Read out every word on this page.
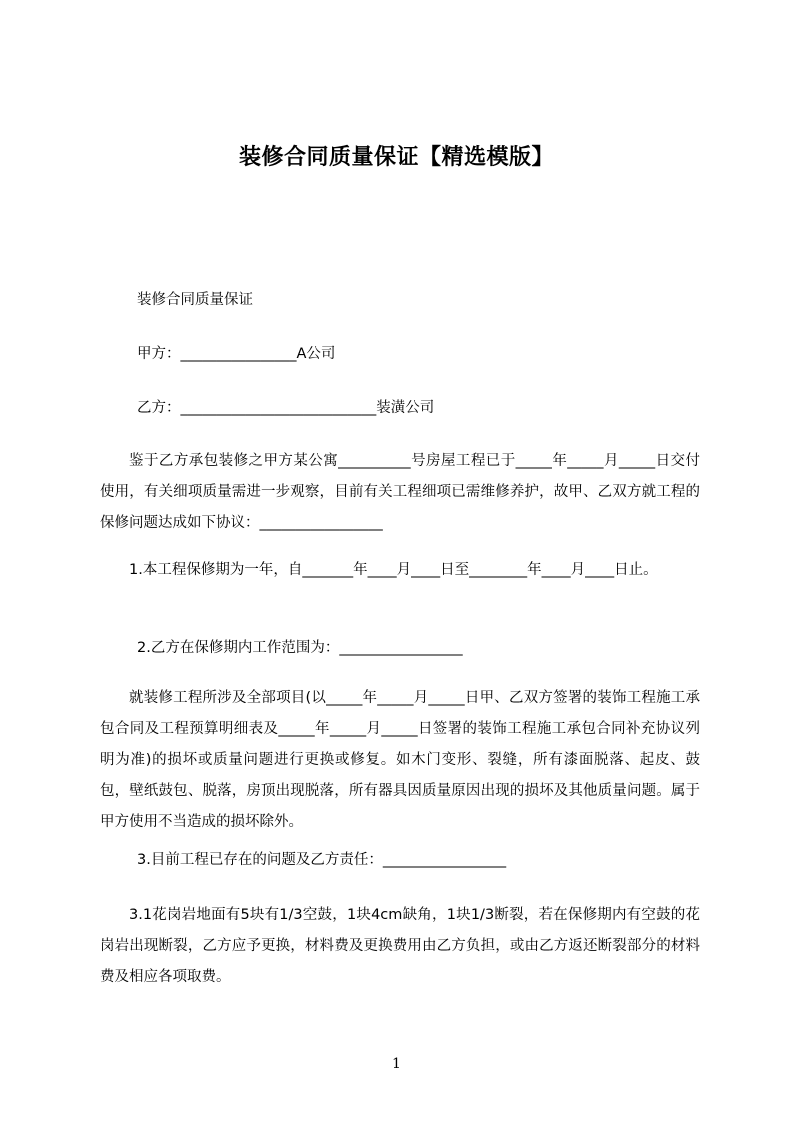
装修合同质量保证【精选模版】
装修合同质量保证
甲方：________________A公司
乙方：___________________________装潢公司
鉴于乙方承包装修之甲方某公寓__________号房屋工程已于_____年_____月_____日交付使用，有关细项质量需进一步观察，目前有关工程细项已需维修养护，故甲、乙双方就工程的保修问题达成如下协议：_________________
1.本工程保修期为一年，自_______年____月____日至________年____月____日止。
2.乙方在保修期内工作范围为：_________________
就装修工程所涉及全部项目(以_____年_____月_____日甲、乙双方签署的装饰工程施工承包合同及工程预算明细表及_____年_____月_____日签署的装饰工程施工承包合同补充协议列明为准)的损坏或质量问题进行更换或修复。如木门变形、裂缝，所有漆面脱落、起皮、鼓包，壁纸鼓包、脱落，房顶出现脱落，所有器具因质量原因出现的损坏及其他质量问题。属于甲方使用不当造成的损坏除外。
3.目前工程已存在的问题及乙方责任：_________________
3.1花岗岩地面有5块有1/3空鼓，1块4cm缺角，1块1/3断裂，若在保修期内有空鼓的花岗岩出现断裂，乙方应予更换，材料费及更换费用由乙方负担，或由乙方返还断裂部分的材料费及相应各项取费。
1
